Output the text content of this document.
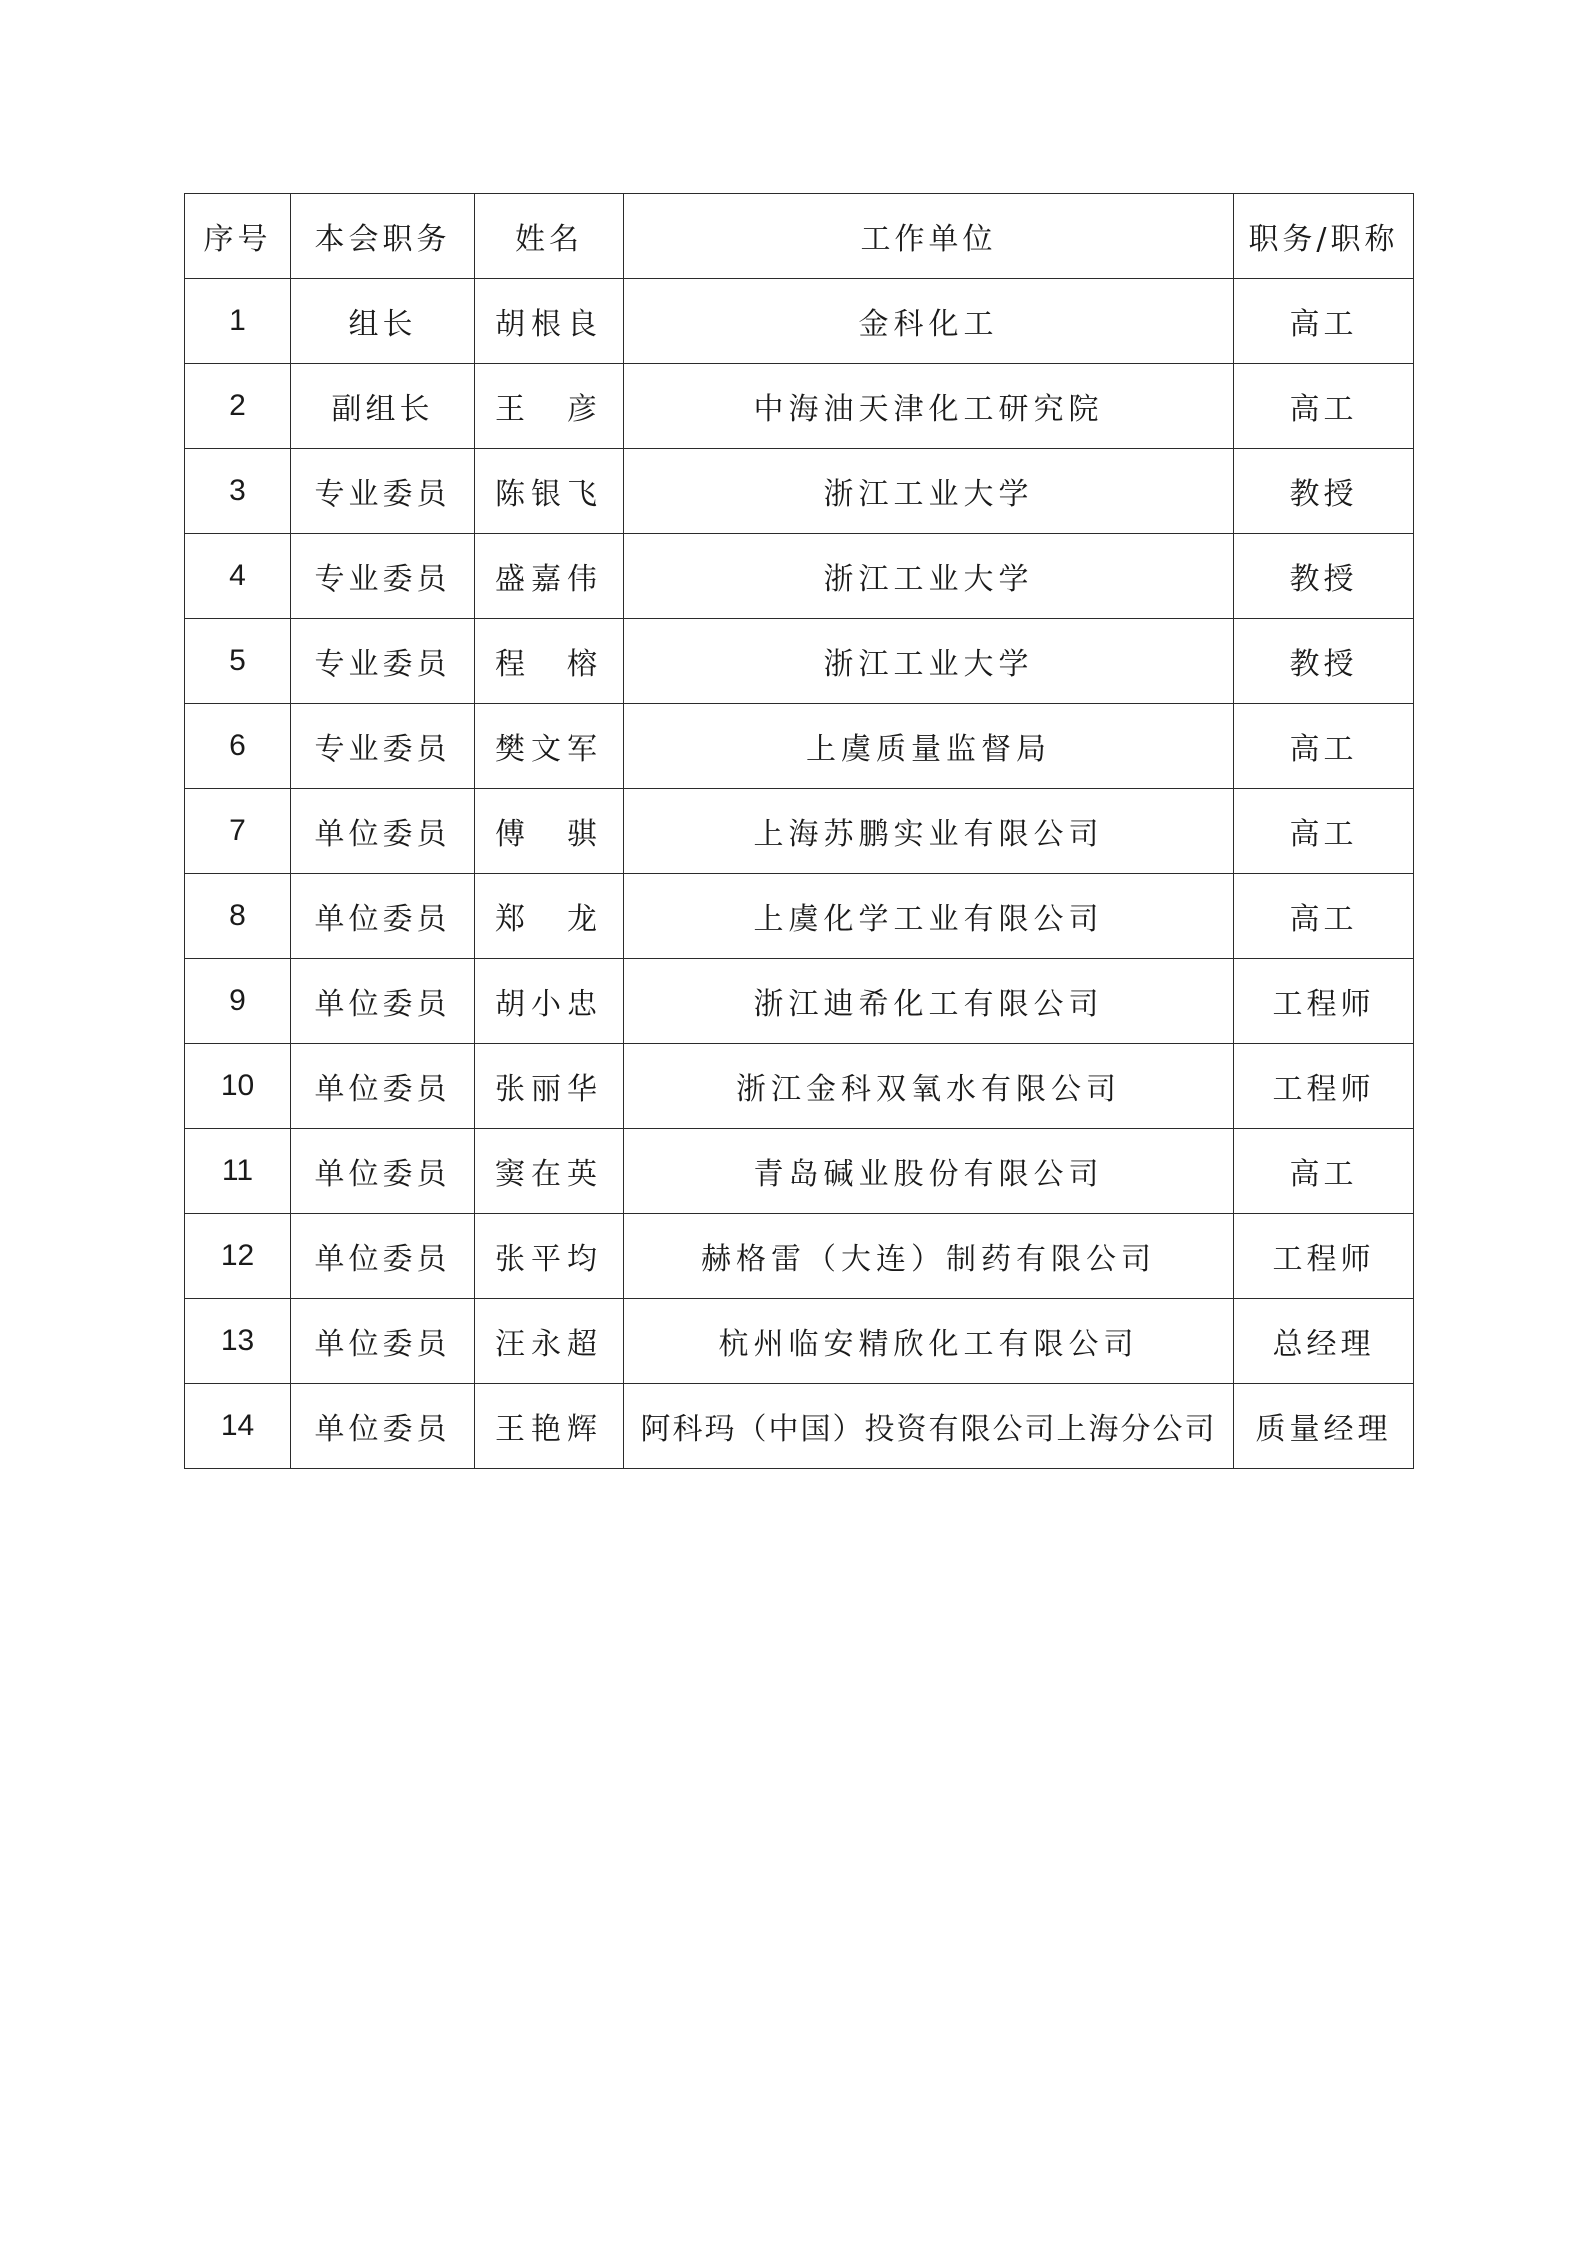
序号	本会职务	姓名	工作单位	职务/职称
1	组长	胡根良	金科化工	高工
2	副组长	王　彦	中海油天津化工研究院	高工
3	专业委员	陈银飞	浙江工业大学	教授
4	专业委员	盛嘉伟	浙江工业大学	教授
5	专业委员	程　榕	浙江工业大学	教授
6	专业委员	樊文军	上虞质量监督局	高工
7	单位委员	傅　骐	上海苏鹏实业有限公司	高工
8	单位委员	郑　龙	上虞化学工业有限公司	高工
9	单位委员	胡小忠	浙江迪希化工有限公司	工程师
10	单位委员	张丽华	浙江金科双氧水有限公司	工程师
11	单位委员	窦在英	青岛碱业股份有限公司	高工
12	单位委员	张平均	赫格雷（大连）制药有限公司	工程师
13	单位委员	汪永超	杭州临安精欣化工有限公司	总经理
14	单位委员	王艳辉	阿科玛（中国）投资有限公司上海分公司	质量经理
